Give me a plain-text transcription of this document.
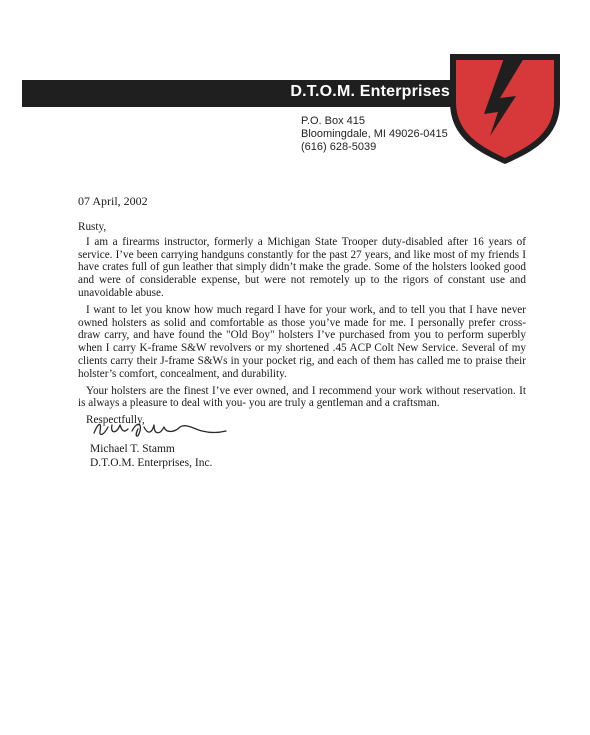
D.T.O.M. Enterprises
P.O. Box 415
Bloomingdale, MI 49026-0415
(616) 628-5039
07 April, 2002

Rusty,

I am a firearms instructor, formerly a Michigan State Trooper duty-disabled after 16 years of service. I’ve been carrying handguns constantly for the past 27 years, and like most of my friends I have crates full of gun leather that simply didn’t make the grade. Some of the holsters looked good and were of considerable expense, but were not remotely up to the rigors of constant use and unavoidable abuse.

I want to let you know how much regard I have for your work, and to tell you that I have never owned holsters as solid and comfortable as those you’ve made for me. I personally prefer cross-draw carry, and have found the "Old Boy" holsters I’ve purchased from you to perform superbly when I carry K-frame S&W revolvers or my shortened .45 ACP Colt New Service. Several of my clients carry their J-frame S&Ws in your pocket rig, and each of them has called me to praise their holster’s comfort, concealment, and durability.

Your holsters are the finest I’ve ever owned, and I recommend your work without reservation. It is always a pleasure to deal with you- you are truly a gentleman and a craftsman.

Respectfully,

Michael T. Stamm
D.T.O.M. Enterprises, Inc.
